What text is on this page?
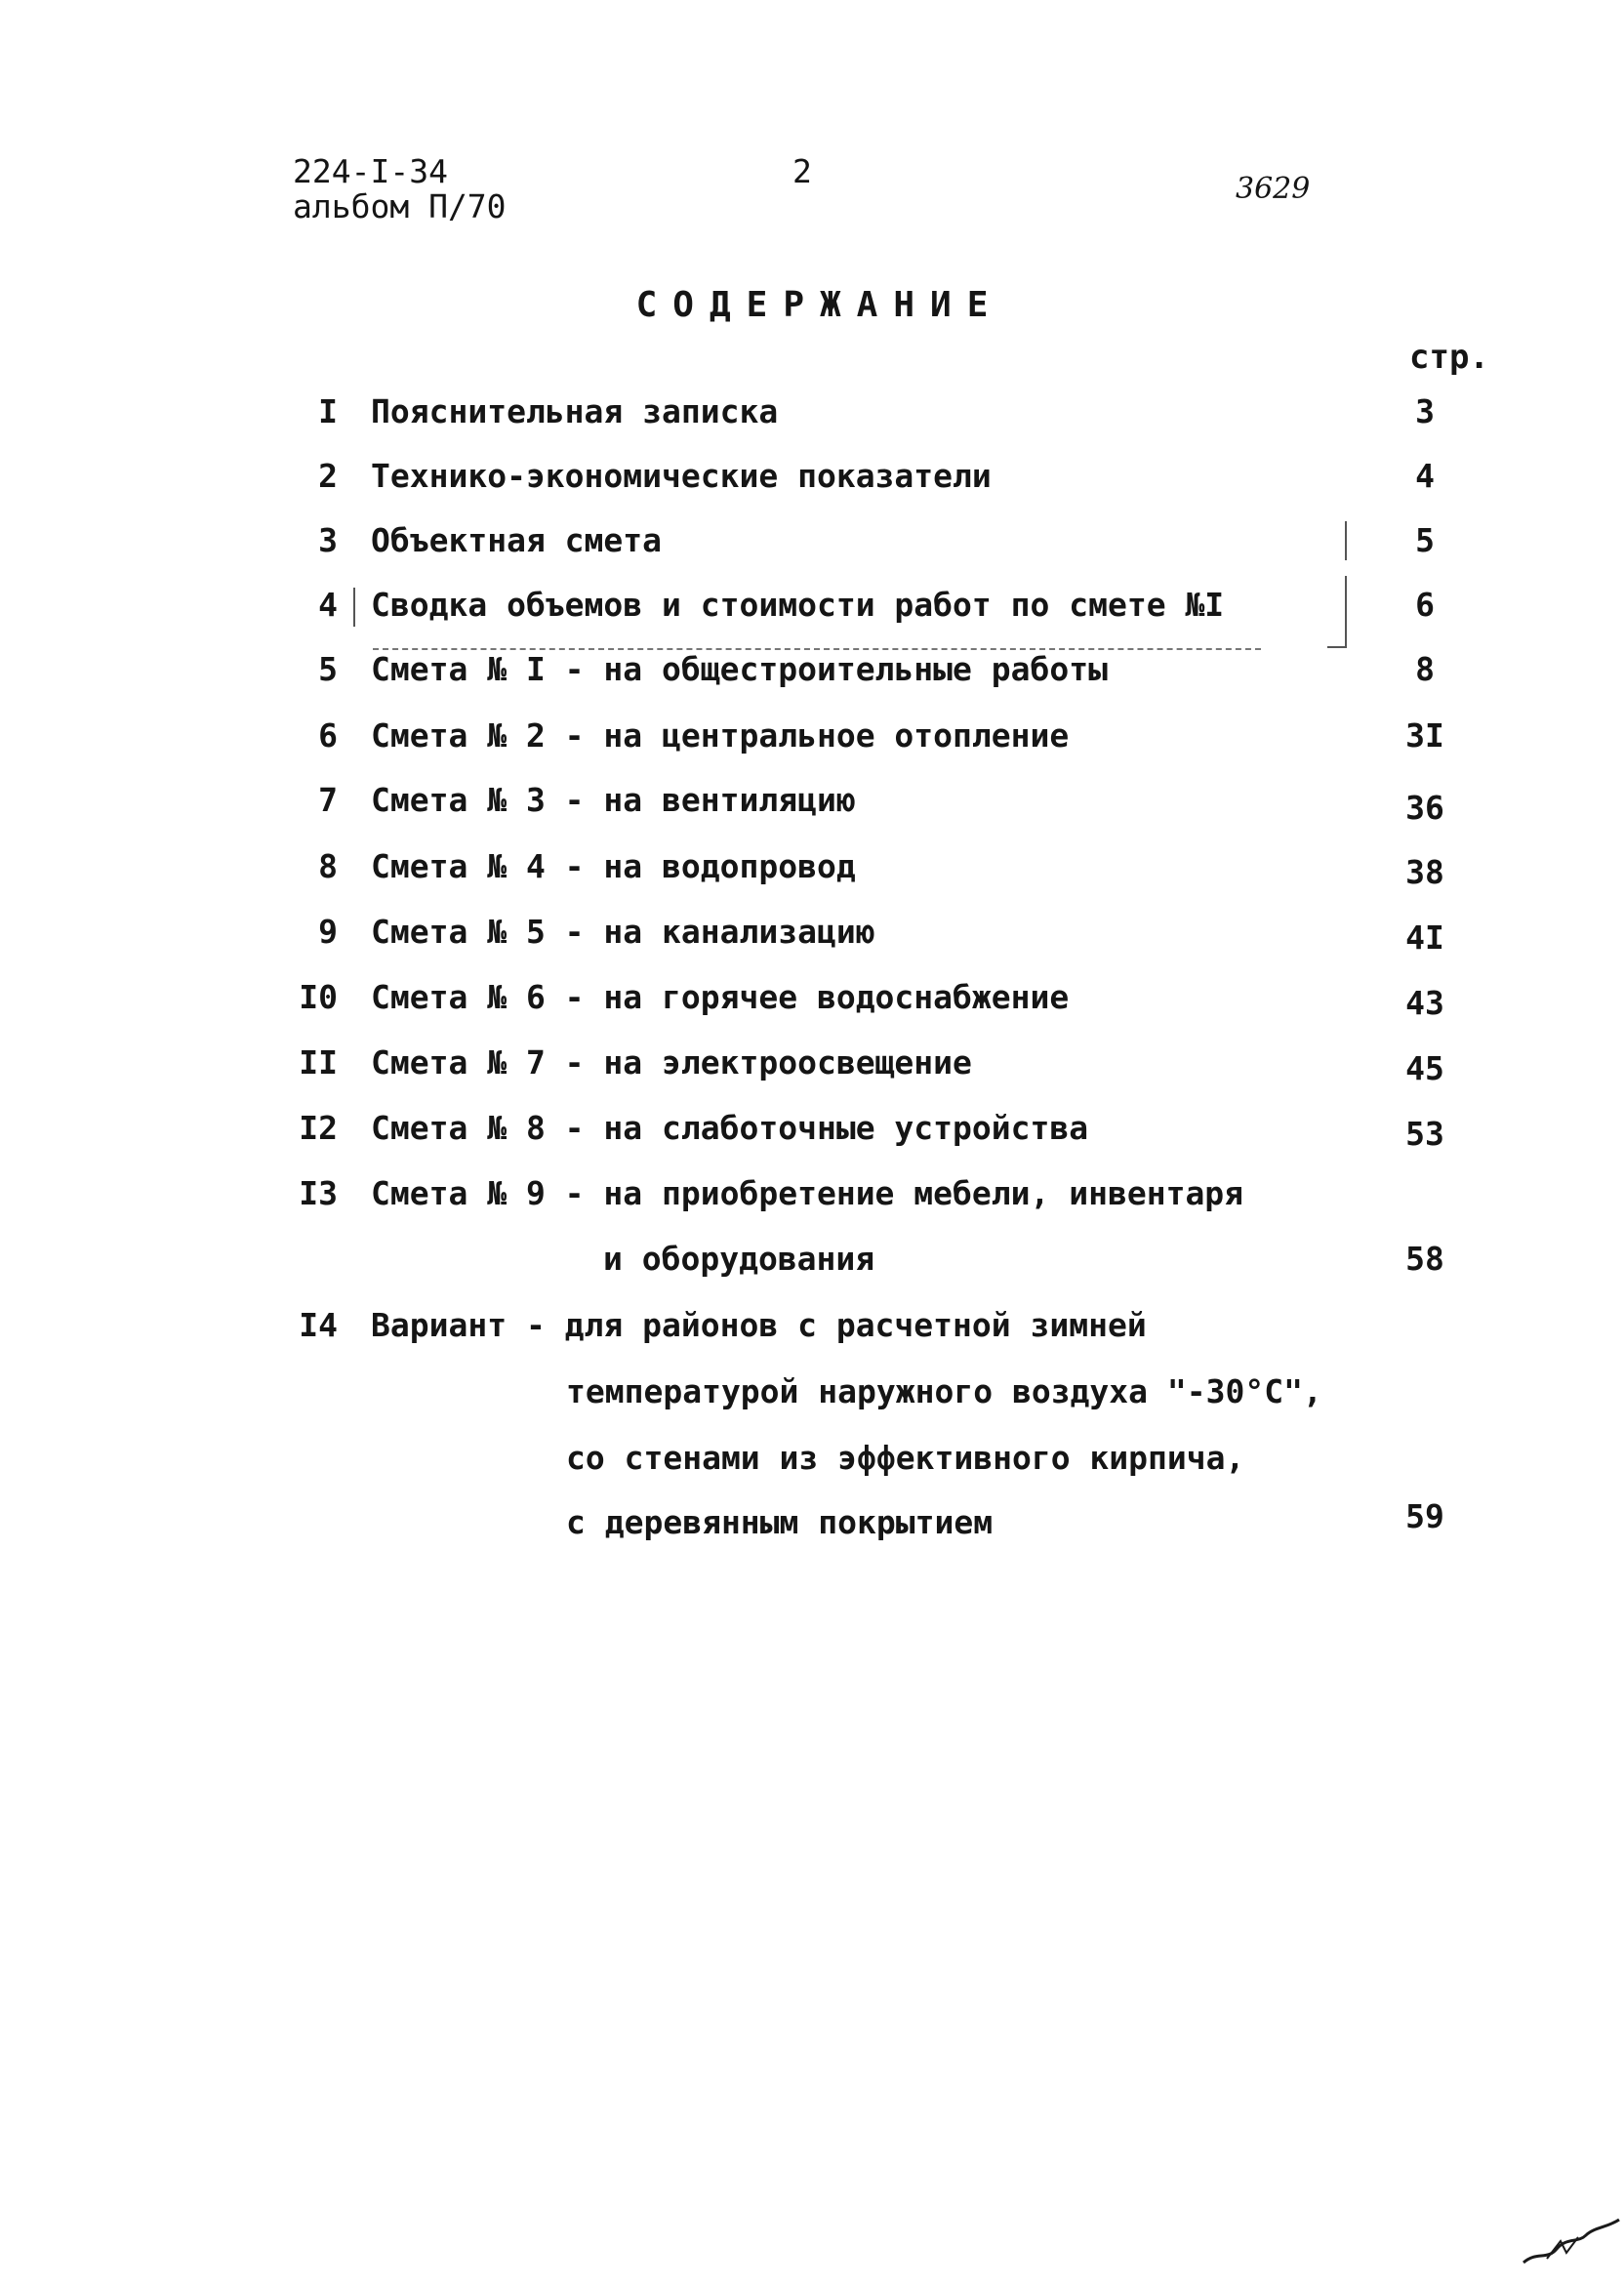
224-I-34
альбом П/70
2	3629
СОДЕРЖАНИЕ
стр.
I Пояснительная записка	3
2 Технико-экономические показатели	4
3 Объектная смета	5
4 Сводка объемов и стоимости работ по смете №I	6
5 Смета № I - на общестроительные работы	8
6 Смета № 2 - на центральное отопление	3I
7 Смета № 3 - на вентиляцию	36
8 Смета № 4 - на водопровод	38
9 Смета № 5 - на канализацию	4I
I0 Смета № 6 - на горячее водоснабжение	43
II Смета № 7 - на электроосвещение	45
I2 Смета № 8 - на слаботочные устройства	53
I3 Смета № 9 - на приобретение мебели, инвентаря
и оборудования	58
I4 Вариант - для районов с расчетной зимней
температурой наружного воздуха "-30°С",
со стенами из эффективного кирпича,
с деревянным покрытием	59
